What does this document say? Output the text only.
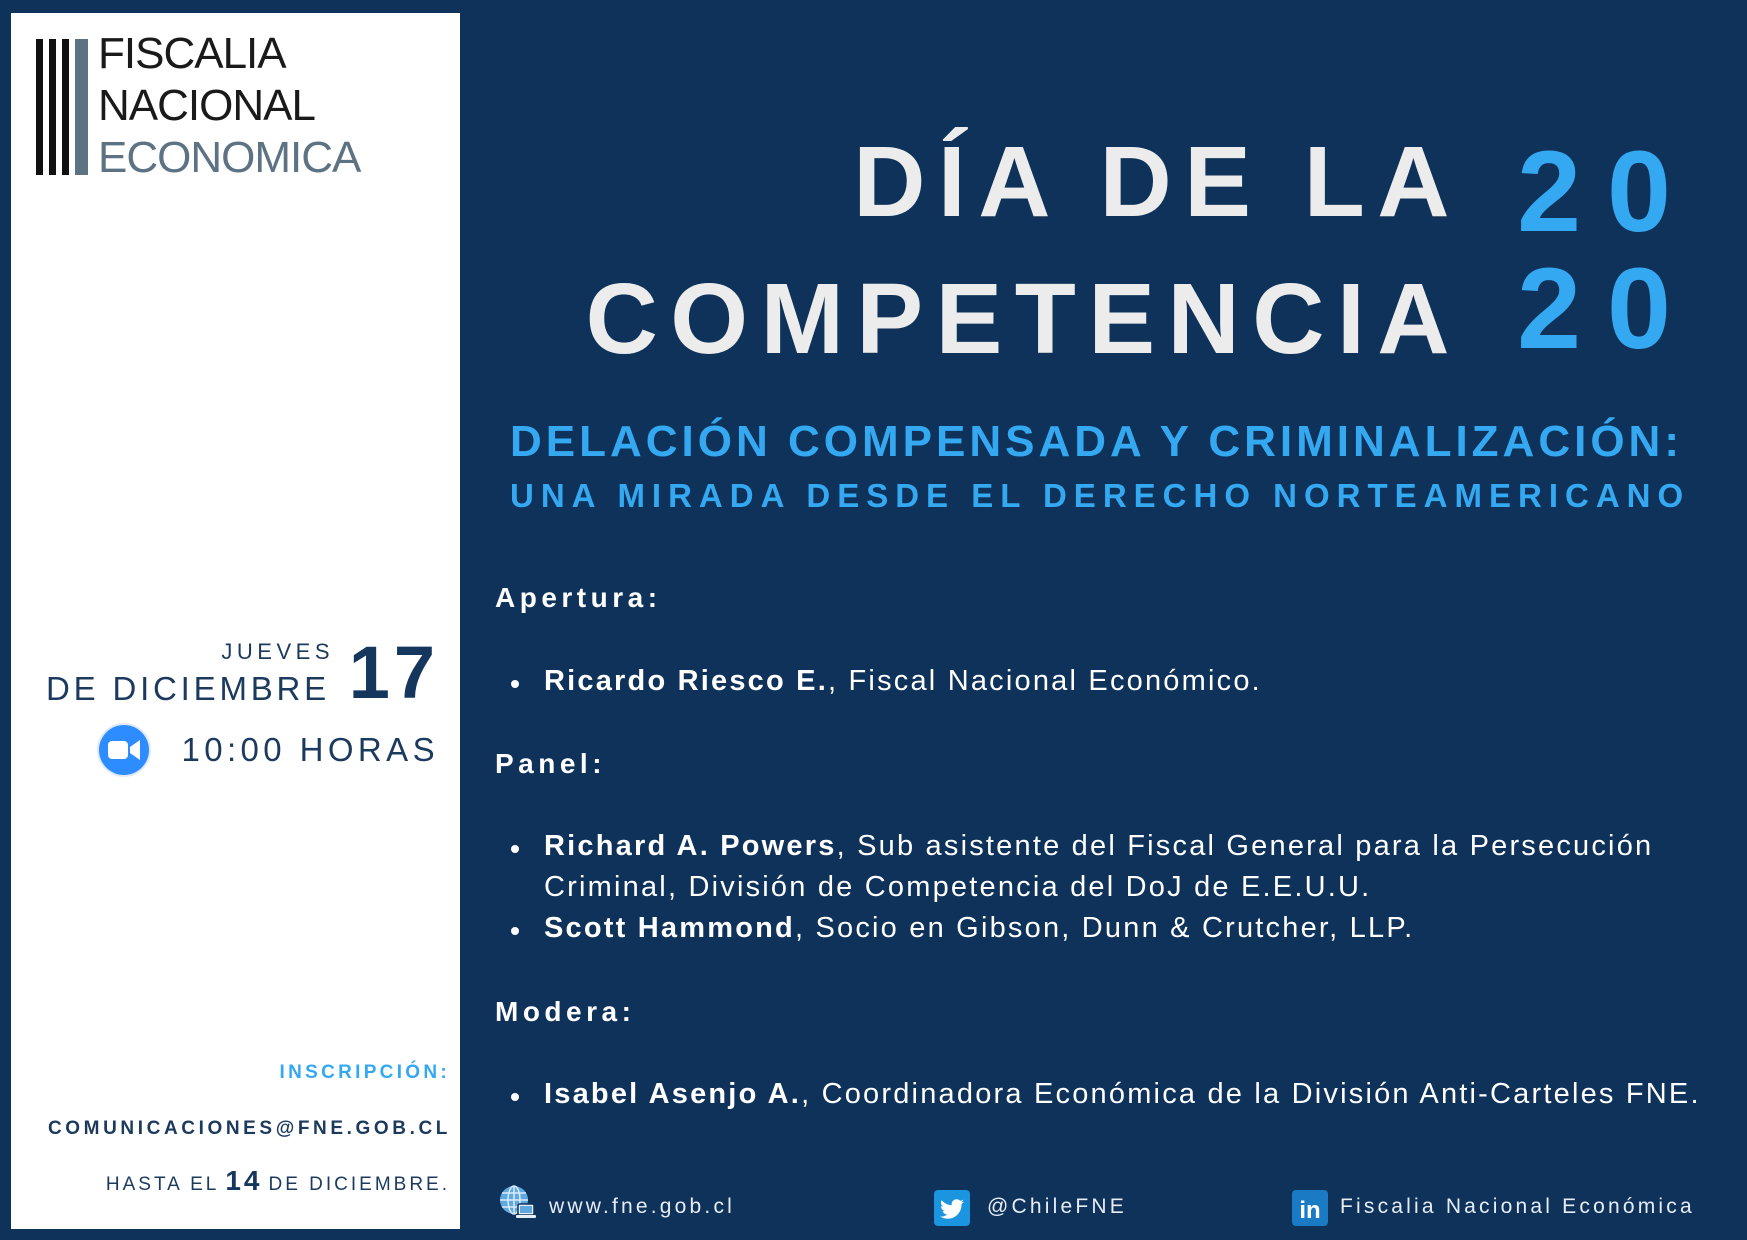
FISCALIA
NACIONAL
ECONOMICA
JUEVES
DE DICIEMBRE 17
10:00 HORAS
INSCRIPCIÓN:
COMUNICACIONES@FNE.GOB.CL
HASTA EL 14 DE DICIEMBRE.
DÍA DE LA
COMPETENCIA
20
20
DELACIÓN COMPENSADA Y CRIMINALIZACIÓN:
UNA MIRADA DESDE EL DERECHO NORTEAMERICANO
Apertura:
Ricardo Riesco E., Fiscal Nacional Económico.
Panel:
Richard A. Powers, Sub asistente del Fiscal General para la Persecución
Criminal, División de Competencia del DoJ de E.E.U.U.
Scott Hammond, Socio en Gibson, Dunn & Crutcher, LLP.
Modera:
Isabel Asenjo A., Coordinadora Económica de la División Anti-Carteles FNE.
www.fne.gob.cl	@ChileFNE	in Fiscalia Nacional Económica
